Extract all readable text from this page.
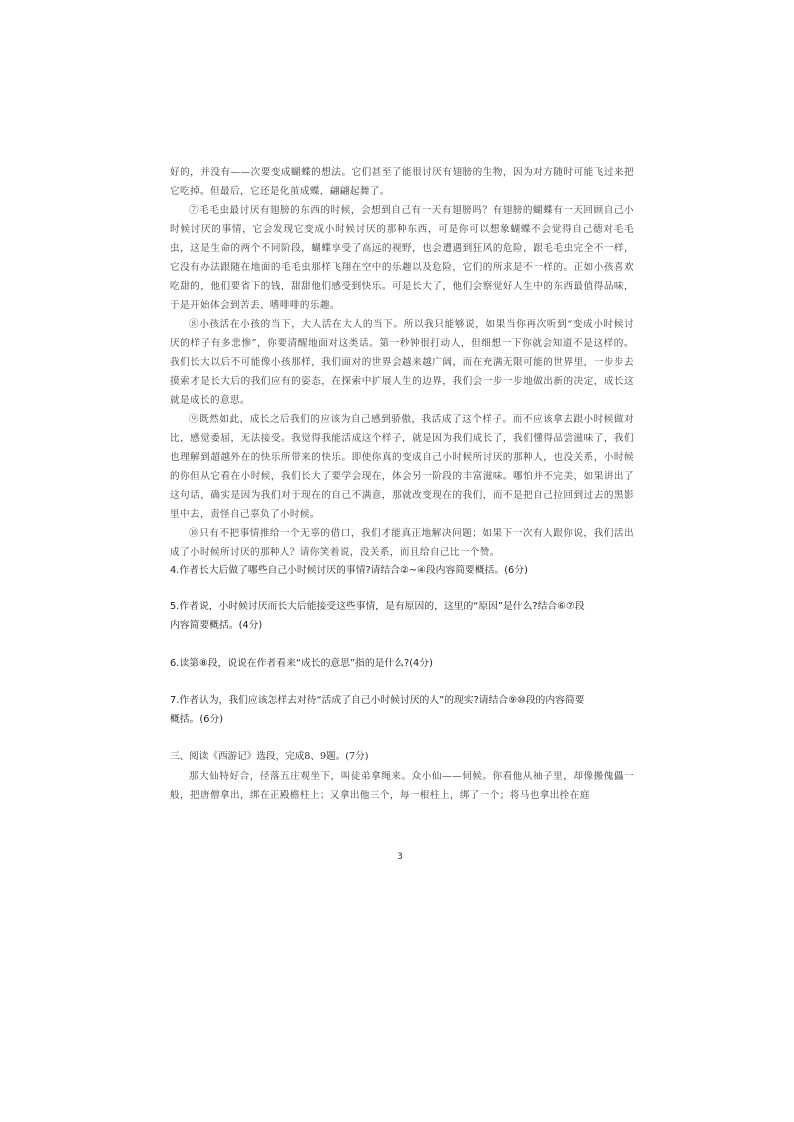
好的，并没有——次要变成蝴蝶的想法。它们甚至了能很讨厌有翅膀的生物，因为对方随时可能飞过来把它吃掉。但最后，它还是化茧成蝶，翩翩起舞了。

⑦毛毛虫最讨厌有翅膀的东西的时候，会想到自己有一天有翅膀吗？有翅膀的蝴蝶有一天回顾自己小时候讨厌的事情，它会发现它变成小时候讨厌的那种东西，可是你可以想象蝴蝶不会觉得自己德对毛毛虫，这是生命的两个不同阶段，蝴蝶享受了高远的视野，也会遭遇到狂风的危险，跟毛毛虫完全不一样，它没有办法跟随在地面的毛毛虫那样飞翔在空中的乐趣以及危险，它们的所求是不一样的。正如小孩喜欢吃甜的，他们要省下的钱，甜甜他们感受到快乐。可是长大了，他们会察觉好人生中的东西最值得品味，于是开始体会到苦丢、嗜啡啡的乐趣。

⑧小孩活在小孩的当下，大人活在大人的当下。所以我只能够说，如果当你再次听到“变成小时候讨厌的样子有多悲惨”，你要清醒地面对这类话。第一秒钟很打动人，但细想一下你就会知道不是这样的。我们长大以后不可能像小孩那样，我们面对的世界会越来越广阔，而在充满无限可能的世界里，一步步去摸索才是长大后的我们应有的姿态，在探索中扩展人生的边界，我们会一步一步地做出新的决定，成长这就是成长的意思。

⑨既然如此，成长之后我们的应该为自己感到骄傲，我活成了这个样子。而不应该拿去跟小时候做对比，感觉委屈，无法接受。我觉得我能活成这个样子，就是因为我们成长了，我们懂得品尝滋味了，我们也理解到超越外在的快乐所带来的快乐。即使你真的变成自己小时候所讨厌的那种人，也没关系，小时候的你但从它看在小时候，我们长大了要学会现在，体会另一阶段的丰富滋味。哪怕并不完美，如果讲出了这句话，确实是因为我们对于现在的自己不满意，那就改变现在的我们，而不是把自己拉回到过去的黑影里中去，责怪自己辜负了小时候。

⑩只有不把事情推给一个无辜的借口，我们才能真正地解决问题；如果下一次有人跟你说，我们活出成了小时候所讨厌的那种人？请你笑着说，没关系，而且给自己比一个赞。

4.作者长大后做了哪些自己小时候讨厌的事情?请结合②~④段内容简要概括。(6分)

5.作者说，小时候讨厌而长大后能接受这些事情，是有原因的，这里的“原因”是什么?结合⑥⑦段

内容简要概括。(4分)

6.读第⑧段，说说在作者看来“成长的意思”指的是什么?(4分)

7.作者认为，我们应该怎样去对待“活成了自己小时候讨厌的人”的现实?请结合⑨⑩段的内容简要

概括。(6分)

三、阅读《西游记》选段，完成8、9题。(7分)

那大仙特好合，径落五庄观坐下，叫徒弟拿绳来。众小仙——伺候。你看他从袖子里，却像搬傀儡一般，把唐僧拿出，绑在正殿檐柱上；又拿出他三个，每一根柱上，绑了一个；将马也拿出拴在庭

3
